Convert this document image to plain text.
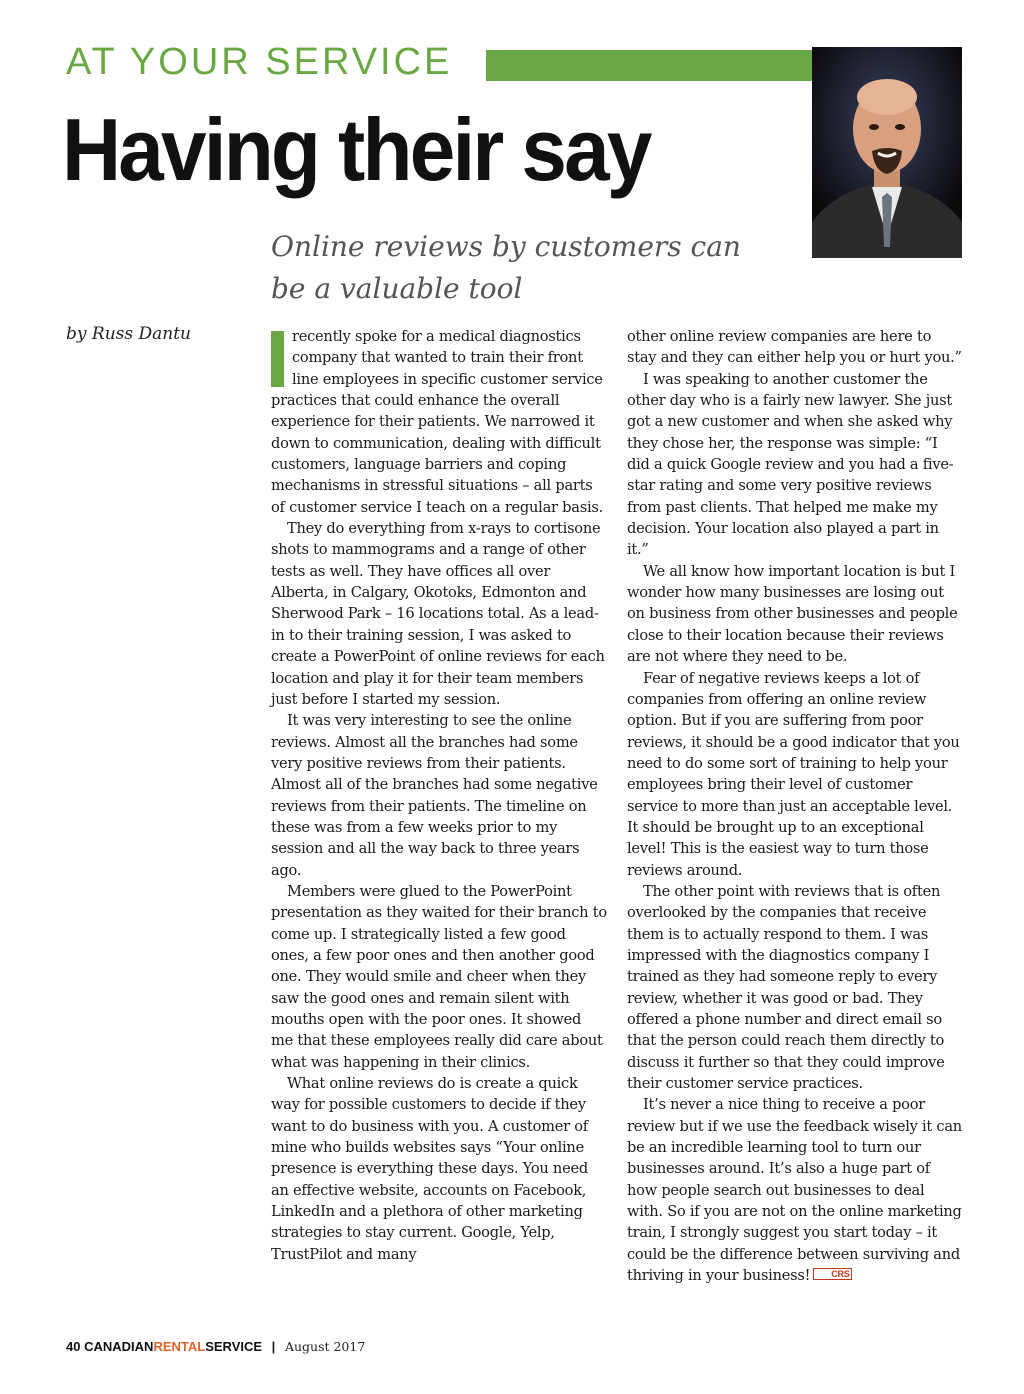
AT YOUR SERVICE
Having their say
Online reviews by customers can be a valuable tool
by Russ Dantu	recently spoke for a medical diagnostics company that wanted to train their front line employees in specific customer service practices that could enhance the overall experience for their patients. We narrowed it down to communication, dealing with difficult customers, language barriers and coping mechanisms in stressful situations – all parts of customer service I teach on a regular basis.

They do everything from x-rays to cortisone shots to mammograms and a range of other tests as well. They have offices all over Alberta, in Calgary, Okotoks, Edmonton and Sherwood Park – 16 locations total. As a lead-in to their training session, I was asked to create a PowerPoint of online reviews for each location and play it for their team members just before I started my session.

It was very interesting to see the online reviews. Almost all the branches had some very positive reviews from their patients. Almost all of the branches had some negative reviews from their patients. The timeline on these was from a few weeks prior to my session and all the way back to three years ago.

Members were glued to the PowerPoint presentation as they waited for their branch to come up. I strategically listed a few good ones, a few poor ones and then another good one. They would smile and cheer when they saw the good ones and remain silent with mouths open with the poor ones. It showed me that these employees really did care about what was happening in their clinics.

What online reviews do is create a quick way for possible customers to decide if they want to do business with you. A customer of mine who builds websites says “Your online presence is everything these days. You need an effective website, accounts on Facebook, LinkedIn and a plethora of other marketing strategies to stay current. Google, Yelp, TrustPilot and many

other online review companies are here to stay and they can either help you or hurt you.”

I was speaking to another customer the other day who is a fairly new lawyer. She just got a new customer and when she asked why they chose her, the response was simple: “I did a quick Google review and you had a five-star rating and some very positive reviews from past clients. That helped me make my decision. Your location also played a part in it.”

We all know how important location is but I wonder how many businesses are losing out on business from other businesses and people close to their location because their reviews are not where they need to be.

Fear of negative reviews keeps a lot of companies from offering an online review option. But if you are suffering from poor reviews, it should be a good indicator that you need to do some sort of training to help your employees bring their level of customer service to more than just an acceptable level. It should be brought up to an exceptional level! This is the easiest way to turn those reviews around.

The other point with reviews that is often overlooked by the companies that receive them is to actually respond to them. I was impressed with the diagnostics company I trained as they had someone reply to every review, whether it was good or bad. They offered a phone number and direct email so that the person could reach them directly to discuss it further so that they could improve their customer service practices.

It’s never a nice thing to receive a poor review but if we use the feedback wisely it can be an incredible learning tool to turn our businesses around. It’s also a huge part of how people search out businesses to deal with. So if you are not on the online marketing train, I strongly suggest you start today – it could be the difference between surviving and thriving in your business! CRS

40 CANADIANRENTALSERVICE | August 2017
